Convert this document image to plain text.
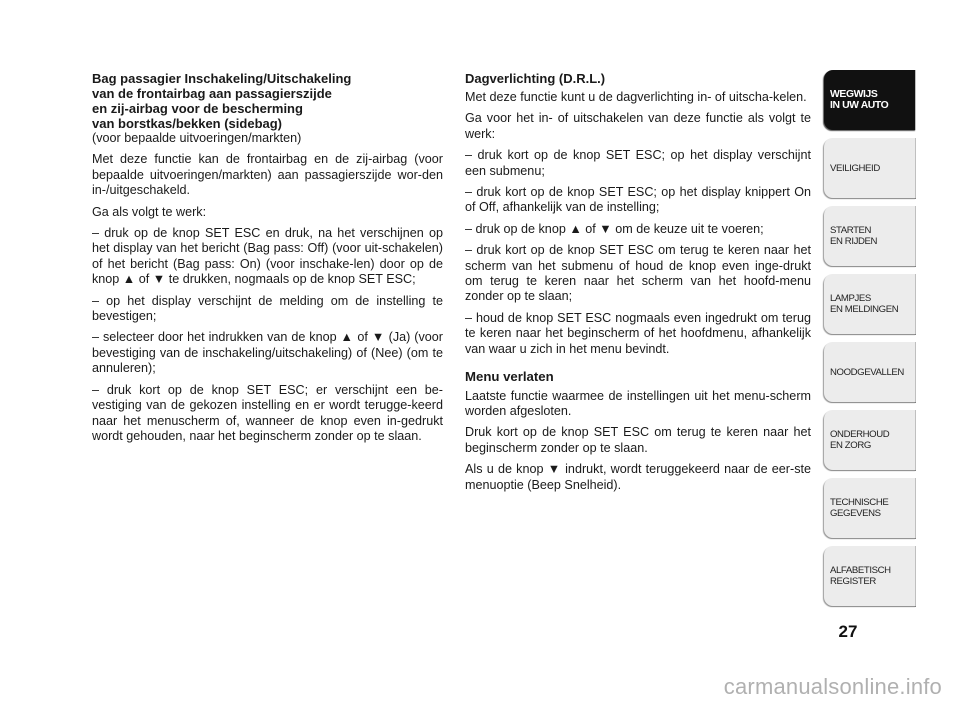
Bag passagier Inschakeling/Uitschakeling
van de frontairbag aan passagierszijde
en zij-airbag voor de bescherming
van borstkas/bekken (sidebag)

(voor bepaalde uitvoeringen/markten)

Met deze functie kan de frontairbag en de zij-airbag (voor bepaalde uitvoeringen/markten) aan passagierszijde wor-den in-/uitgeschakeld.

Ga als volgt te werk:

– druk op de knop SET ESC en druk, na het verschijnen op het display van het bericht (Bag pass: Off) (voor uit-schakelen) of het bericht (Bag pass: On) (voor inschake-len) door op de knop ▲ of ▼ te drukken, nogmaals op de knop SET ESC;

– op het display verschijnt de melding om de instelling te bevestigen;

– selecteer door het indrukken van de knop ▲ of ▼ (Ja) (voor bevestiging van de inschakeling/uitschakeling) of (Nee) (om te annuleren);

– druk kort op de knop SET ESC; er verschijnt een be-vestiging van de gekozen instelling en er wordt terugge-keerd naar het menuscherm of, wanneer de knop even in-gedrukt wordt gehouden, naar het beginscherm zonder op te slaan.

Dagverlichting (D.R.L.)

Met deze functie kunt u de dagverlichting in- of uitscha-kelen.

Ga voor het in- of uitschakelen van deze functie als volgt te werk:

– druk kort op de knop SET ESC; op het display verschijnt een submenu;

– druk kort op de knop SET ESC; op het display knippert On of Off, afhankelijk van de instelling;

– druk op de knop ▲ of ▼ om de keuze uit te voeren;

– druk kort op de knop SET ESC om terug te keren naar het scherm van het submenu of houd de knop even inge-drukt om terug te keren naar het scherm van het hoofd-menu zonder op te slaan;

– houd de knop SET ESC nogmaals even ingedrukt om terug te keren naar het beginscherm of het hoofdmenu, afhankelijk van waar u zich in het menu bevindt.

Menu verlaten

Laatste functie waarmee de instellingen uit het menu-scherm worden afgesloten.

Druk kort op de knop SET ESC om terug te keren naar het beginscherm zonder op te slaan.

Als u de knop ▼ indrukt, wordt teruggekeerd naar de eer-ste menuoptie (Beep Snelheid).

WEGWIJS
IN UW AUTO
VEILIGHEID
STARTEN
EN RIJDEN
LAMPJES
EN MELDINGEN
NOODGEVALLEN
ONDERHOUD
EN ZORG
TECHNISCHE
GEGEVENS
ALFABETISCH
REGISTER
27
carmanualsonline.info
